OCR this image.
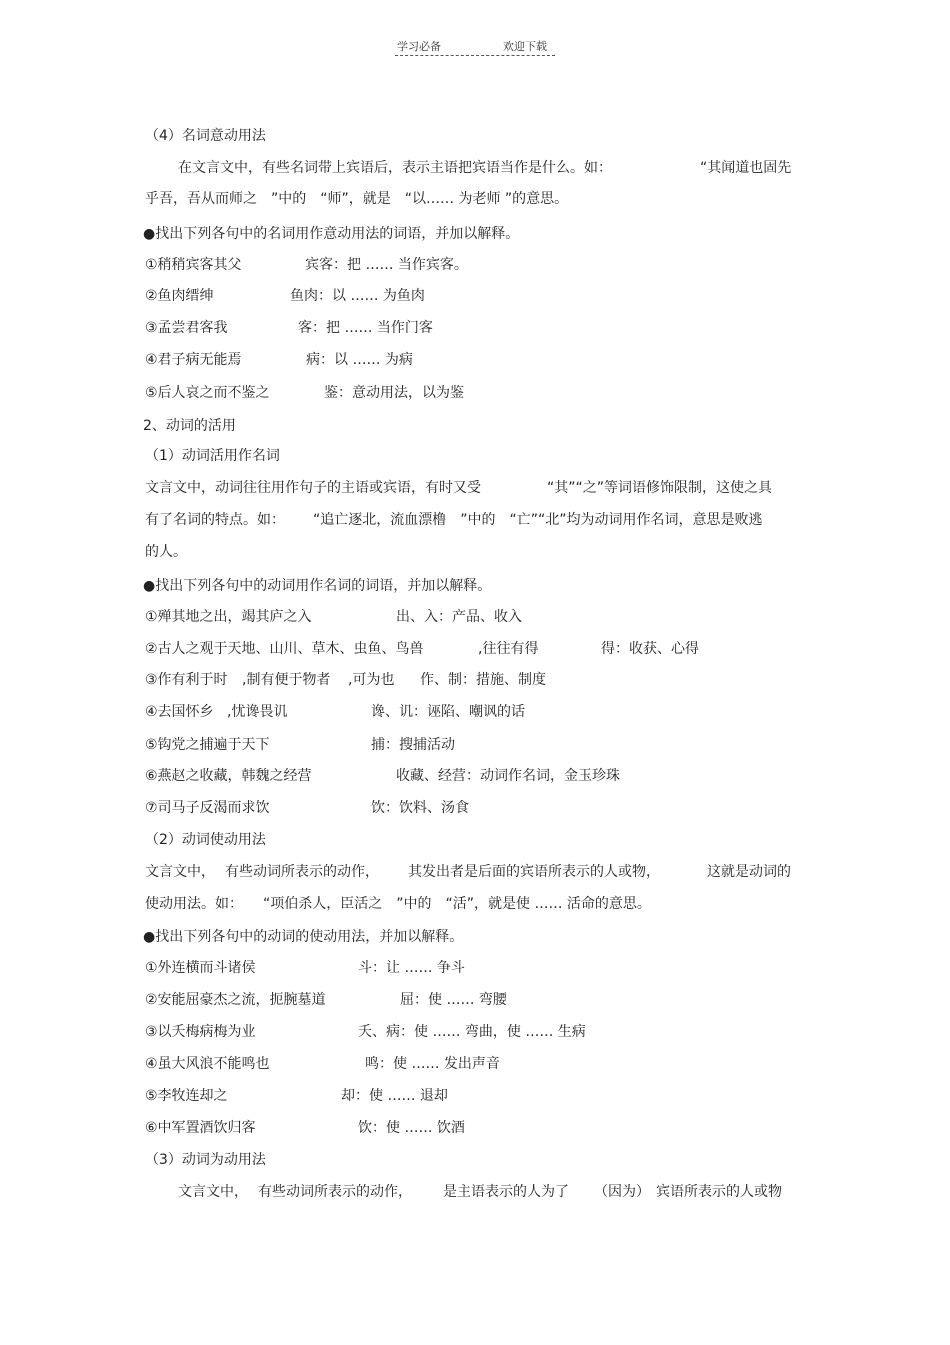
学习必备	欢迎下载
（4）名词意动用法
在文言文中，有些名词带上宾语后，表示主语把宾语当作是什么。如：	“其闻道也固先
乎吾，吾从而师之　”中的　“师”，就是　“以…… 为老师 ”的意思。
●找出下列各句中的名词用作意动用法的词语，并加以解释。
①稍稍宾客其父	宾客：把 …… 当作宾客。
②鱼肉缙绅	鱼肉：以 …… 为鱼肉
③孟尝君客我	客：把 …… 当作门客
④君子病无能焉	病：以 …… 为病
⑤后人哀之而不鉴之	鉴：意动用法，以为鉴
2、动词的活用
（1）动词活用作名词
文言文中，动词往往用作句子的主语或宾语，有时又受	“其”“之”等词语修饰限制，这使之具
有了名词的特点。如： “追亡逐北，流血漂橹　”中的　“亡”“北”均为动词用作名词，意思是败逃
的人。
●找出下列各句中的动词用作名词的词语，并加以解释。
①殚其地之出，竭其庐之入	出、入：产品、收入
②古人之观于天地、山川、草木、虫鱼、鸟兽	,往往有得	得：收获、心得
③作有利于时 ,制有便于物者 ,可为也 作、制：措施、制度
④去国怀乡 ,忧谗畏讥	谗、讥：诬陷、嘲讽的话
⑤钩党之捕遍于天下	捕：搜捕活动
⑥燕赵之收藏，韩魏之经营	收藏、经营：动词作名词，金玉珍珠
⑦司马子反渴而求饮	饮：饮料、汤食
（2）动词使动用法
文言文中， 有些动词所表示的动作， 其发出者是后面的宾语所表示的人或物，	这就是动词的
使动用法。如： “项伯杀人，臣活之　”中的　“活”，就是使 …… 活命的意思。
●找出下列各句中的动词的使动用法，并加以解释。
①外连横而斗诸侯	斗：让 …… 争斗
②安能屈豪杰之流，扼腕墓道	屈：使 …… 弯腰
③以夭梅病梅为业	夭、病：使 …… 弯曲，使 …… 生病
④虽大风浪不能鸣也	鸣：使 …… 发出声音
⑤李牧连却之	却：使 …… 退却
⑥中军置酒饮归客	饮：使 …… 饮酒
（3）动词为动用法
文言文中， 有些动词所表示的动作， 是主语表示的人为了 （因为） 宾语所表示的人或物
